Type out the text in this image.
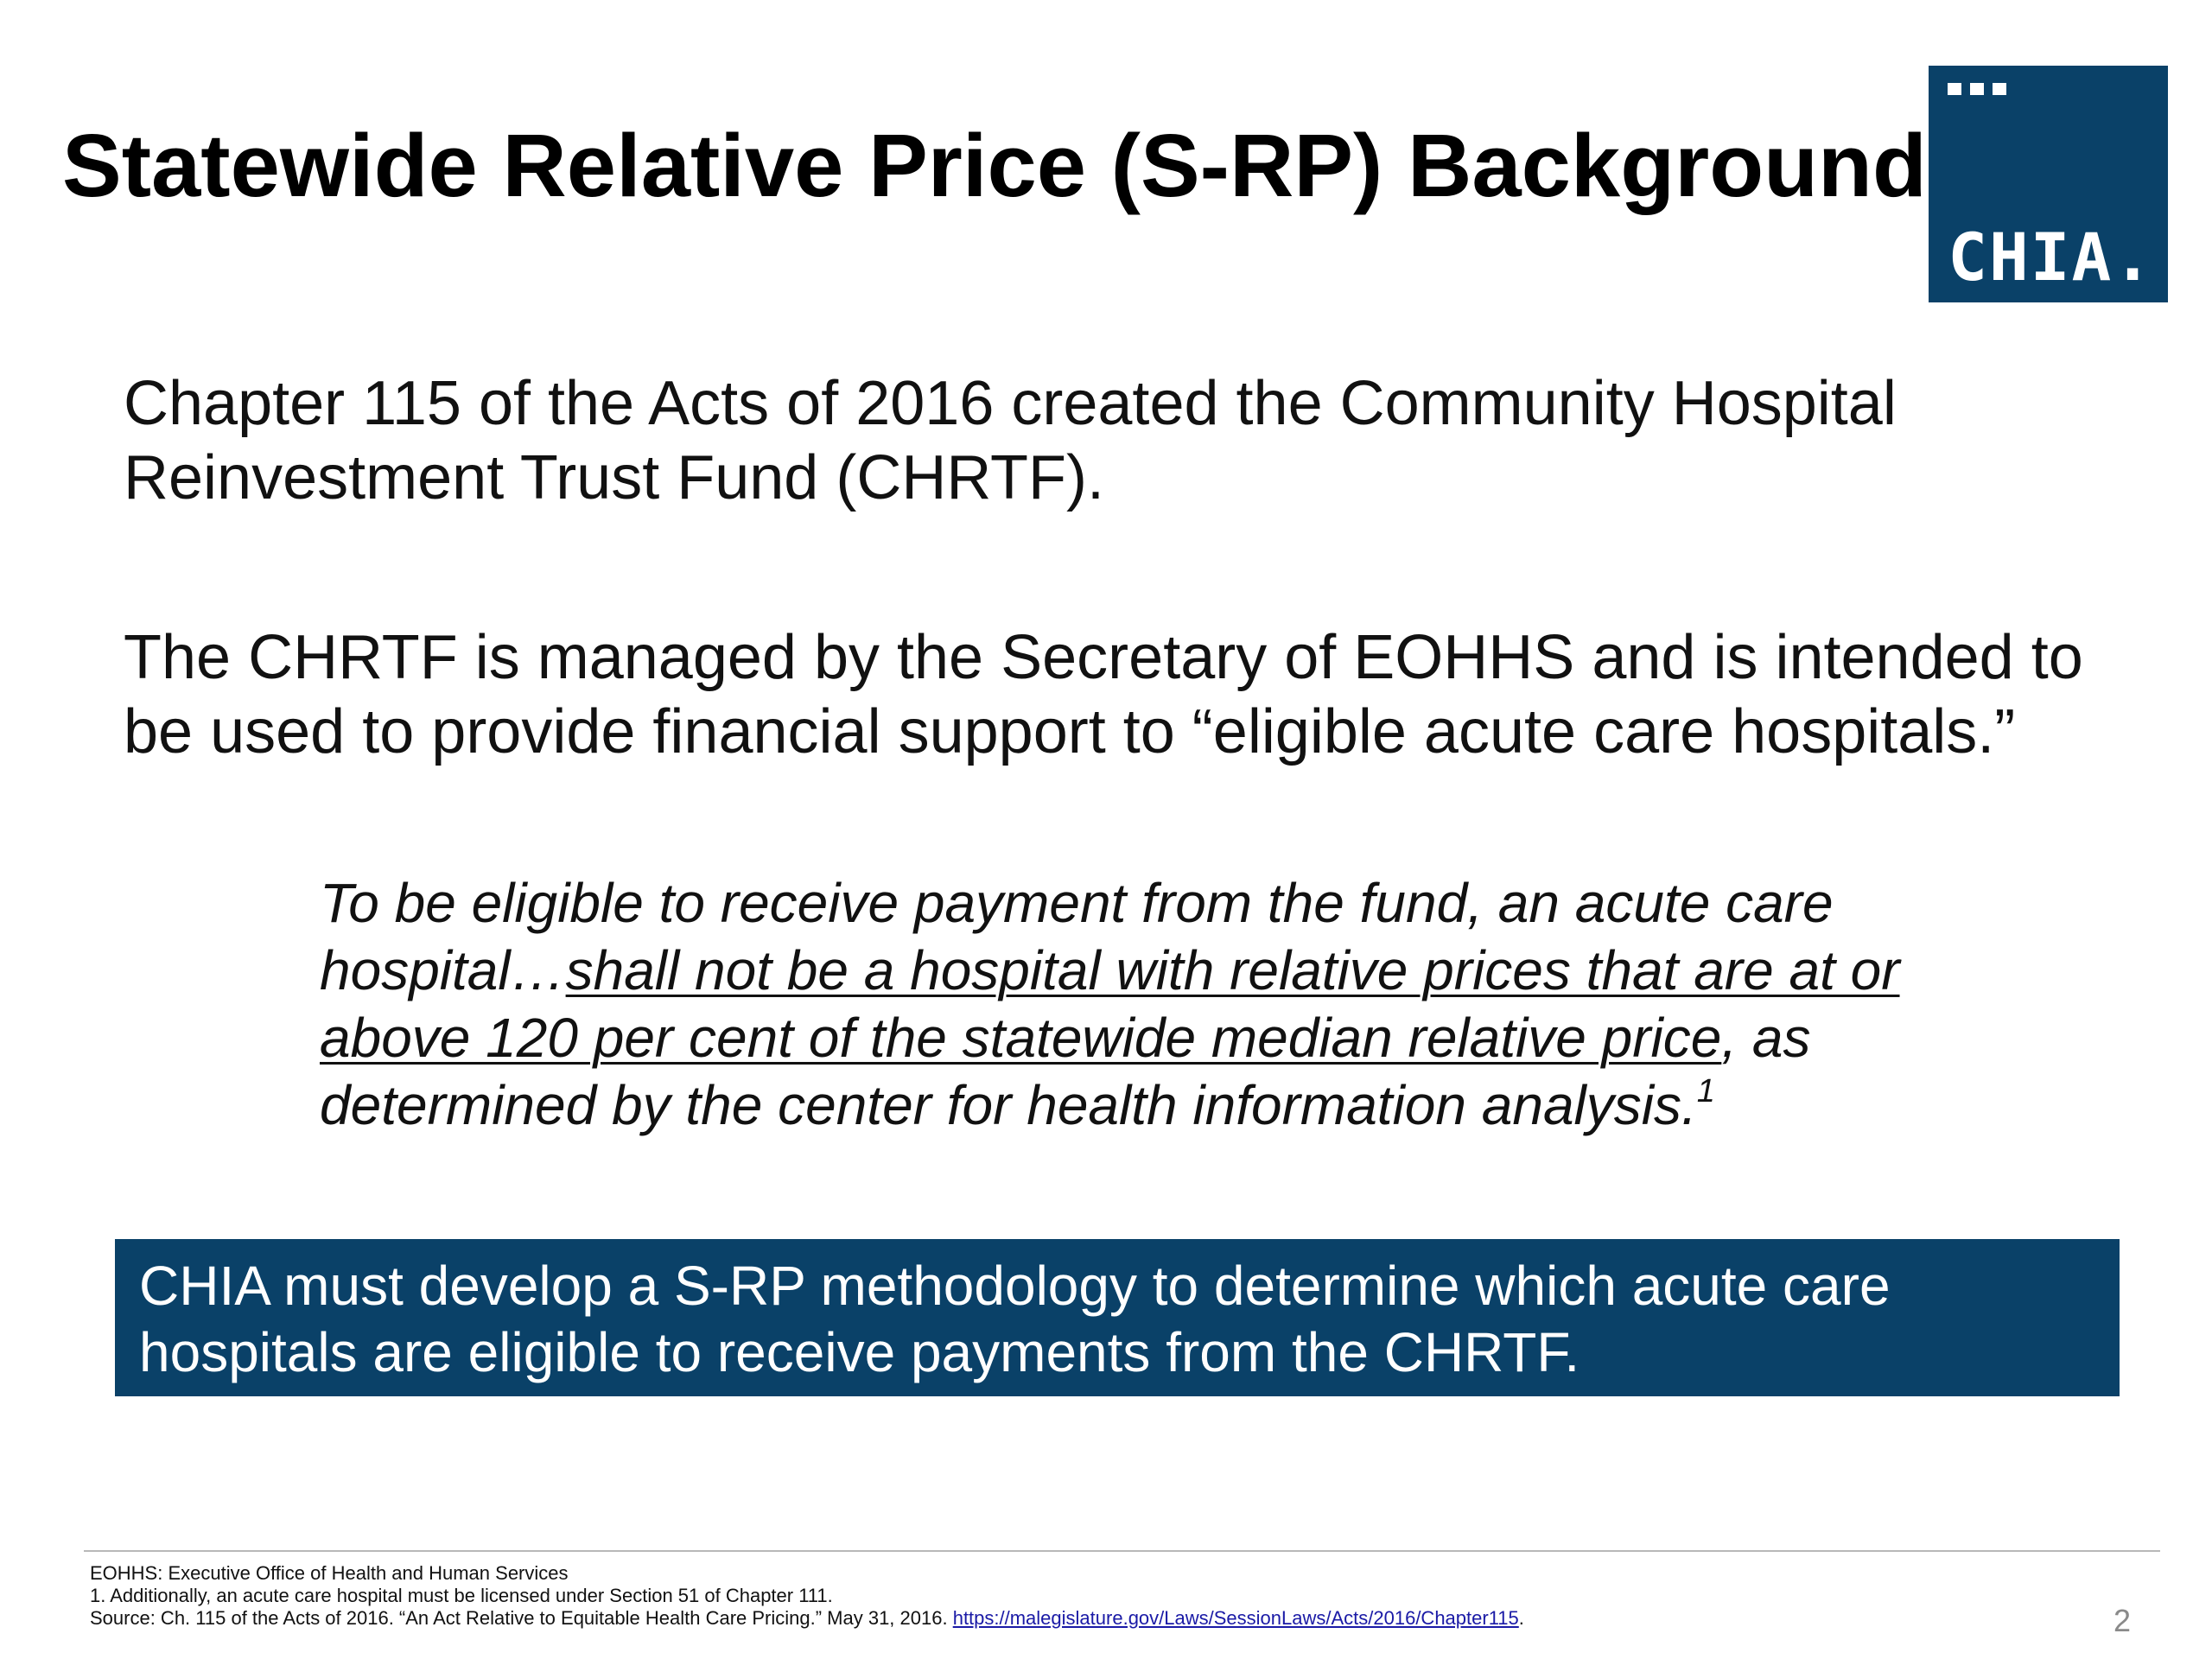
Statewide Relative Price (S-RP) Background
CHIA.

Chapter 115 of the Acts of 2016 created the Community Hospital Reinvestment Trust Fund (CHRTF).

The CHRTF is managed by the Secretary of EOHHS and is intended to be used to provide financial support to “eligible acute care hospitals.”

To be eligible to receive payment from the fund, an acute care hospital…shall not be a hospital with relative prices that are at or above 120 per cent of the statewide median relative price, as determined by the center for health information analysis.$^1$

CHIA must develop a S-RP methodology to determine which acute care hospitals are eligible to receive payments from the CHRTF.

EOHHS: Executive Office of Health and Human Services
1. Additionally, an acute care hospital must be licensed under Section 51 of Chapter 111.
Source: Ch. 115 of the Acts of 2016. “An Act Relative to Equitable Health Care Pricing.” May 31, 2016. https://malegislature.gov/Laws/SessionLaws/Acts/2016/Chapter115.	2
